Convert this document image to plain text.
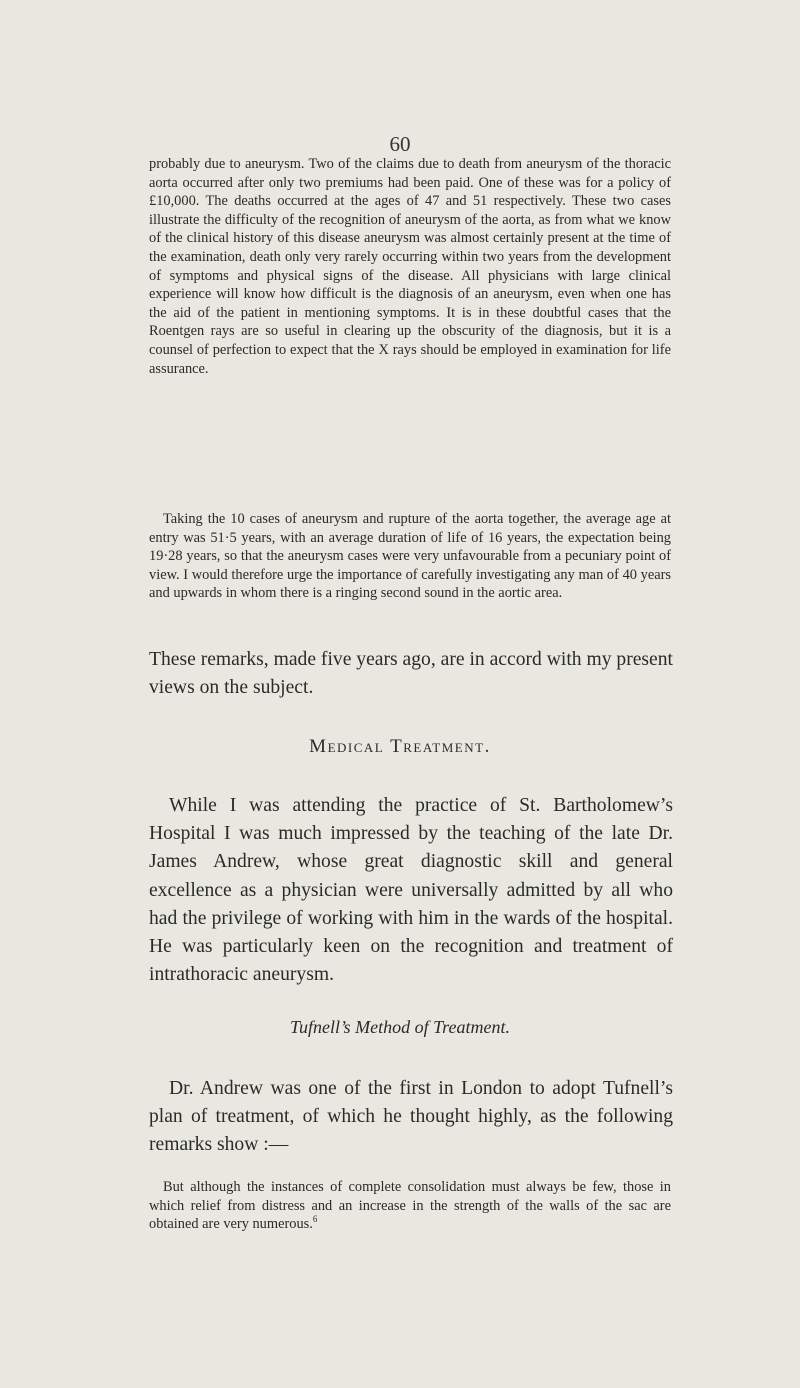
60

probably due to aneurysm. Two of the claims due to death from aneurysm of the thoracic aorta occurred after only two premiums had been paid. One of these was for a policy of £10,000. The deaths occurred at the ages of 47 and 51 respectively. These two cases illustrate the difficulty of the recognition of aneurysm of the aorta, as from what we know of the clinical history of this disease aneurysm was almost certainly present at the time of the examination, death only very rarely occurring within two years from the development of symptoms and physical signs of the disease. All physicians with large clinical experience will know how difficult is the diagnosis of an aneurysm, even when one has the aid of the patient in mentioning symptoms. It is in these doubtful cases that the Roentgen rays are so useful in clearing up the obscurity of the diagnosis, but it is a counsel of perfection to expect that the X rays should be employed in examination for life assurance.

Taking the 10 cases of aneurysm and rupture of the aorta together, the average age at entry was 51·5 years, with an average duration of life of 16 years, the expectation being 19·28 years, so that the aneurysm cases were very unfavourable from a pecuniary point of view. I would therefore urge the importance of carefully investigating any man of 40 years and upwards in whom there is a ringing second sound in the aortic area.

These remarks, made five years ago, are in accord with my present views on the subject.

Medical Treatment.

While I was attending the practice of St. Bartholomew’s Hospital I was much impressed by the teaching of the late Dr. James Andrew, whose great diagnostic skill and general excellence as a physician were universally admitted by all who had the privilege of working with him in the wards of the hospital. He was particularly keen on the recognition and treatment of intrathoracic aneurysm.

Tufnell’s Method of Treatment.

Dr. Andrew was one of the first in London to adopt Tufnell’s plan of treatment, of which he thought highly, as the following remarks show :—

But although the instances of complete consolidation must always be few, those in which relief from distress and an increase in the strength of the walls of the sac are obtained are very numerous.$^6$
